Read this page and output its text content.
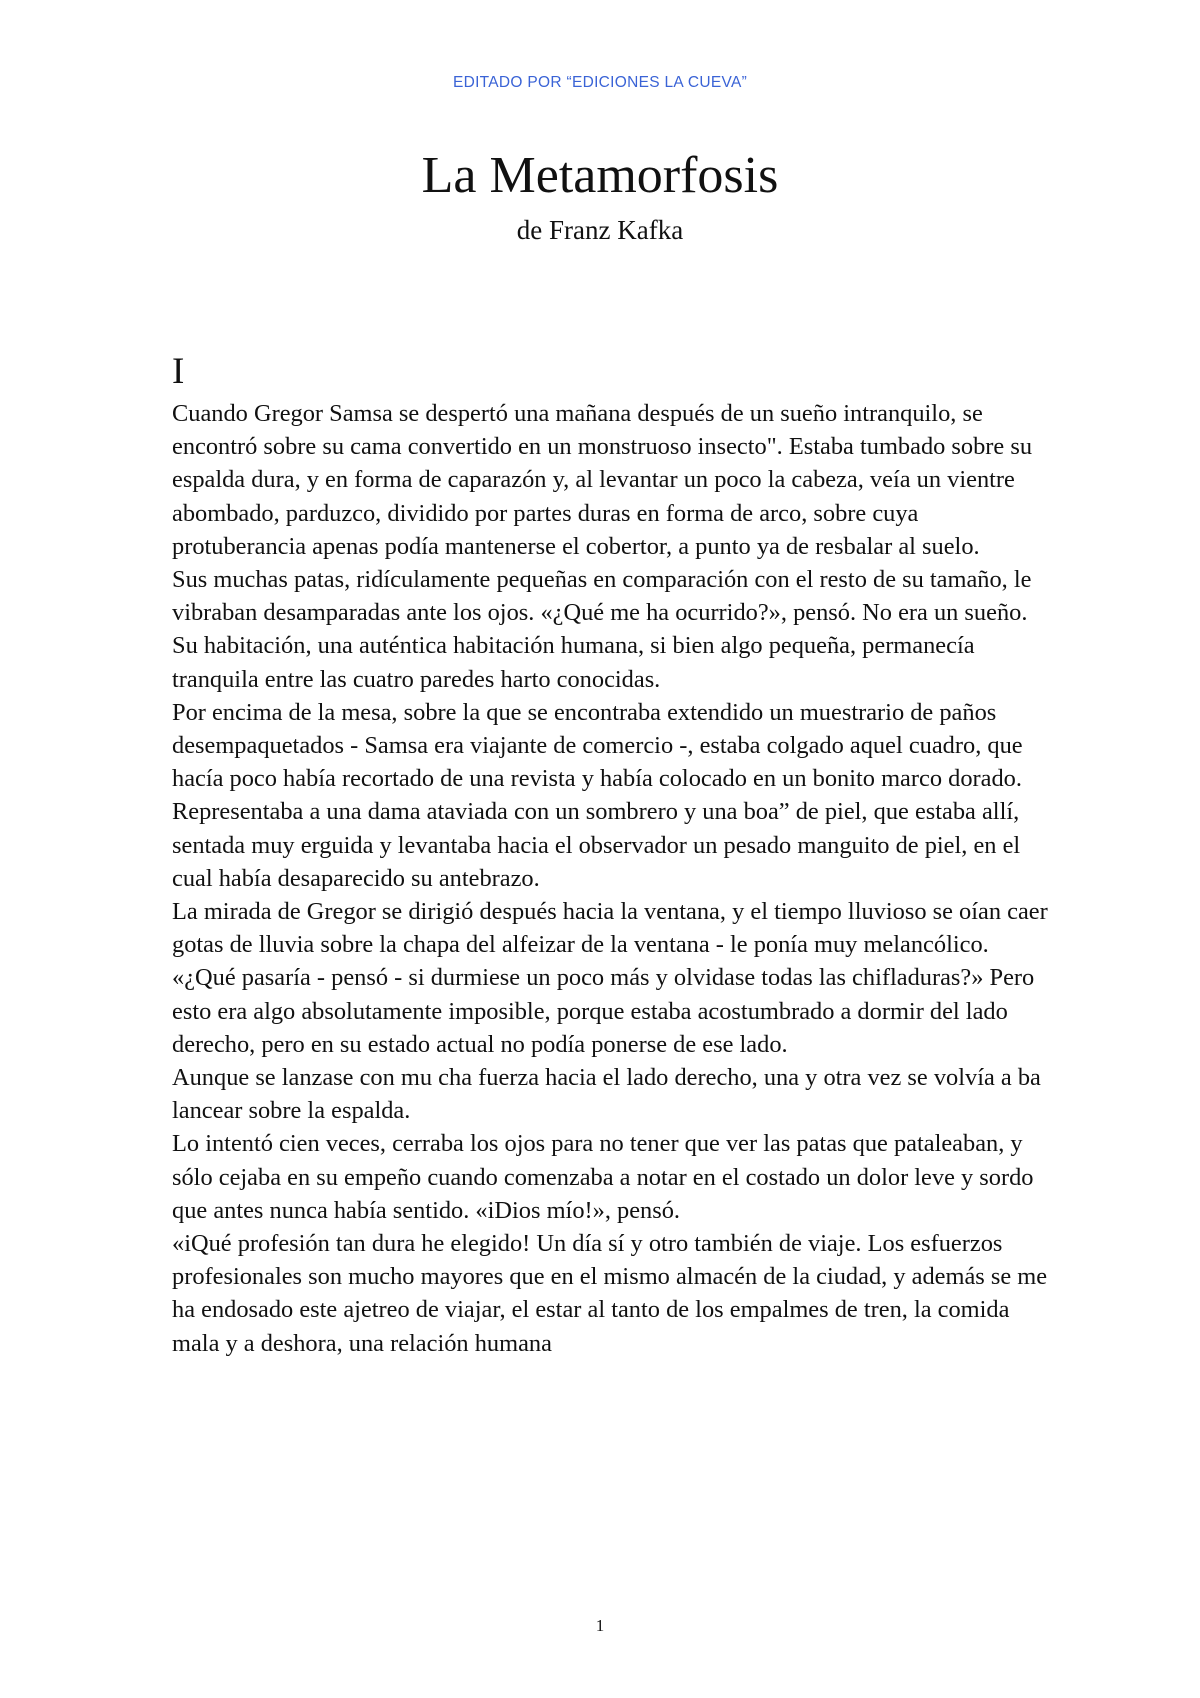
EDITADO POR “EDICIONES LA CUEVA”
La Metamorfosis
de Franz Kafka
I

Cuando Gregor Samsa se despertó una mañana después de un sueño intranquilo, se encontró sobre su cama convertido en un monstruoso insecto". Estaba tumbado sobre su espalda dura, y en forma de caparazón y, al levantar un poco la cabeza, veía un vientre abombado, parduzco, dividido por partes duras en forma de arco, sobre cuya protuberancia apenas podía mantenerse el cobertor, a punto ya de resbalar al suelo.

Sus muchas patas, ridículamente pequeñas en comparación con el resto de su tamaño, le vibraban desamparadas ante los ojos. «¿Qué me ha ocurrido?», pensó. No era un sueño. Su habitación, una auténtica habitación humana, si bien algo pequeña, permanecía tranquila entre las cuatro paredes harto conocidas.

Por encima de la mesa, sobre la que se encontraba extendido un muestrario de paños desempaquetados - Samsa era viajante de comercio -, estaba colgado aquel cuadro, que hacía poco había recortado de una revista y había colocado en un bonito marco dorado. Representaba a una dama ataviada con un sombrero y una boa” de piel, que estaba allí, sentada muy erguida y levantaba hacia el observador un pesado manguito de piel, en el cual había desaparecido su antebrazo.

La mirada de Gregor se dirigió después hacia la ventana, y el tiempo lluvioso se oían caer gotas de lluvia sobre la chapa del alfeizar de la ventana - le ponía muy melancólico.

«¿Qué pasaría - pensó - si durmiese un poco más y olvidase todas las chifladuras?» Pero esto era algo absolutamente imposible, porque estaba acostumbrado a dormir del lado derecho, pero en su estado actual no podía ponerse de ese lado.

Aunque se lanzase con mu cha fuerza hacia el lado derecho, una y otra vez se volvía a ba lancear sobre la espalda.

Lo intentó cien veces, cerraba los ojos para no tener que ver las patas que pataleaban, y sólo cejaba en su empeño cuando comenzaba a notar en el costado un dolor leve y sordo que antes nunca había sentido. «iDios mío!», pensó.

«iQué profesión tan dura he elegido! Un día sí y otro también de viaje. Los esfuerzos profesionales son mucho mayores que en el mismo almacén de la ciudad, y además se me ha endosado este ajetreo de viajar, el estar al tanto de los empalmes de tren, la comida mala y a deshora, una relación humana

1
